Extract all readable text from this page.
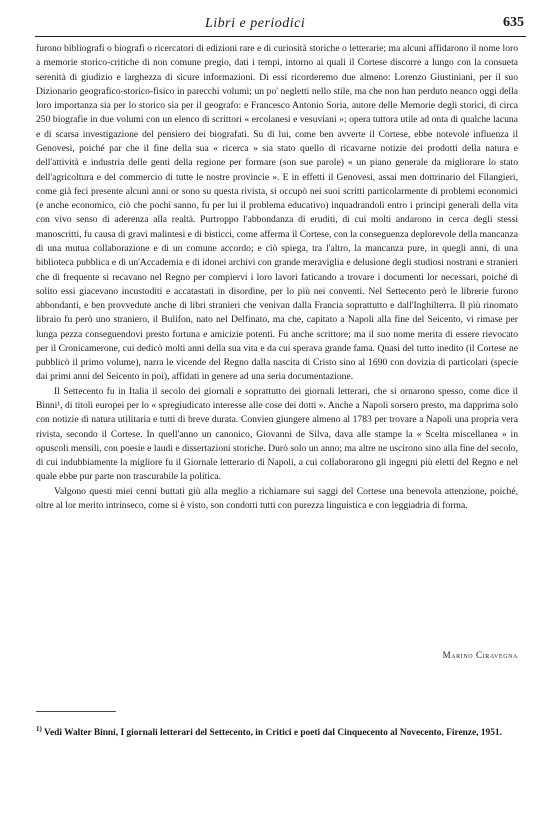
Libri e periodici	635

furono bibliografi o biografi o ricercatori di edizioni rare e di curiosità storiche o letterarie; ma alcuni affidarono il nome loro a memorie storico-critiche di non comune pregio, dati i tempi, intorno ai quali il Cortese discorre a lungo con la consueta serenità di giudizio e larghezza di sicure informazioni. Di essi ricorderemo due almeno: Lorenzo Giustiniani, per il suo Dizionario geografico-storico-fisico in parecchi volumi; un po' negletti nello stile, ma che non han perduto neanco oggi della loro importanza sia per lo storico sia per il geografo: e Francesco Antonio Soria, autore delle Memorie degli storici, di circa 250 biografie in due volumi con un elenco di scrittori « ercolanesi e vesuviani »; opera tuttora utile ad onta di qualche lacuna e di scarsa investigazione del pensiero dei biografati. Su di lui, come ben avverte il Cortese, ebbe notevole influenza il Genovesi, poiché par che il fine della sua « ricerca » sia stato quello di ricavarne notizie dei prodotti della natura e dell'attività e industria delle genti della regione per formare (son sue parole) « un piano generale da migliorare lo stato dell'agricoltura e del commercio di tutte le nostre provincie ». E in effetti il Genovesi, assai men dottrinario del Filangieri, come già feci presente alcuni anni or sono su questa rivista, si occupò nei suoi scritti particolarmente di problemi economici (e anche economico, ciò che pochi sanno, fu per lui il problema educativo) inquadrandoli entro i principi generali della vita con vivo senso di aderenza alla realtà. Purtroppo l'abbondanza di eruditi, di cui molti andarono in cerca degli stessi manoscritti, fu causa di gravi malintesi e di bisticci, come afferma il Cortese, con la conseguenza deplorevole della mancanza di una mutua collaborazione e di un comune accordo; e ciò spiega, tra l'altro, la mancanza pure, in quegli anni, di una biblioteca pubblica e di un'Accademia e di idonei archivi con grande meraviglia e delusione degli studiosi nostrani e stranieri che di frequente si recavano nel Regno per compiervi i loro lavori faticando a trovare i documenti lor necessari, poiché di solito essi giacevano incustoditi e accatastati in disordine, per lo più nei conventi. Nel Settecento però le librerie furono abbondanti, e ben provvedute anche di libri stranieri che venivan dalla Francia soprattutto e dall'Inghilterra. Il più rinomato libraio fu però uno straniero, il Bulifon, nato nel Delfinato, ma che, capitato a Napoli alla fine del Seicento, vi rimase per lunga pezza conseguendovi presto fortuna e amicizie potenti. Fu anche scrittore; ma il suo nome merita di essere rievocato per il Cronicamerone, cui dedicò molti anni della sua vita e da cui sperava grande fama. Quasi del tutto inedito (il Cortese ne pubblicò il primo volume), narra le vicende del Regno dalla nascita di Cristo sino al 1690 con dovizia di particolari (specie dai primi anni del Seicento in poi), affidati in genere ad una seria documentazione.

Il Settecento fu in Italia il secolo dei giornali e soprattutto dei giornali letterari, che si ornarono spesso, come dice il Binni¹, di titoli europei per lo « spregiudicato interesse alle cose dei dotti ». Anche a Napoli sorsero presto, ma dapprima solo con notizie di natura utilitaria e tutti di breve durata. Convien giungere almeno al 1783 per trovare a Napoli una propria vera rivista, secondo il Cortese. In quell'anno un canonico, Giovanni de Silva, dava alle stampe la « Scelta miscellanea » in opuscoli mensili, con poesie e laudi e dissertazioni storiche. Durò solo un anno; ma altre ne uscirono sino alla fine del secolo, di cui indubbiamente la migliore fu il Giornale letterario di Napoli, a cui collaborarono gli ingegni più eletti del Regno e nel quale ebbe pur parte non trascurabile la politica.

Valgono questi miei cenni buttati giù alla meglio a richiamare sui saggi del Cortese una benevola attenzione, poiché, oltre al lor merito intrinseco, come si è visto, son condotti tutti con purezza linguistica e con leggiadria di forma.

Marino Ciravegna
$^{1)}$ Vedi Walter Binni, I giornali letterari del Settecento, in Critici e poeti dal Cinquecento al Novecento, Firenze, 1951.
